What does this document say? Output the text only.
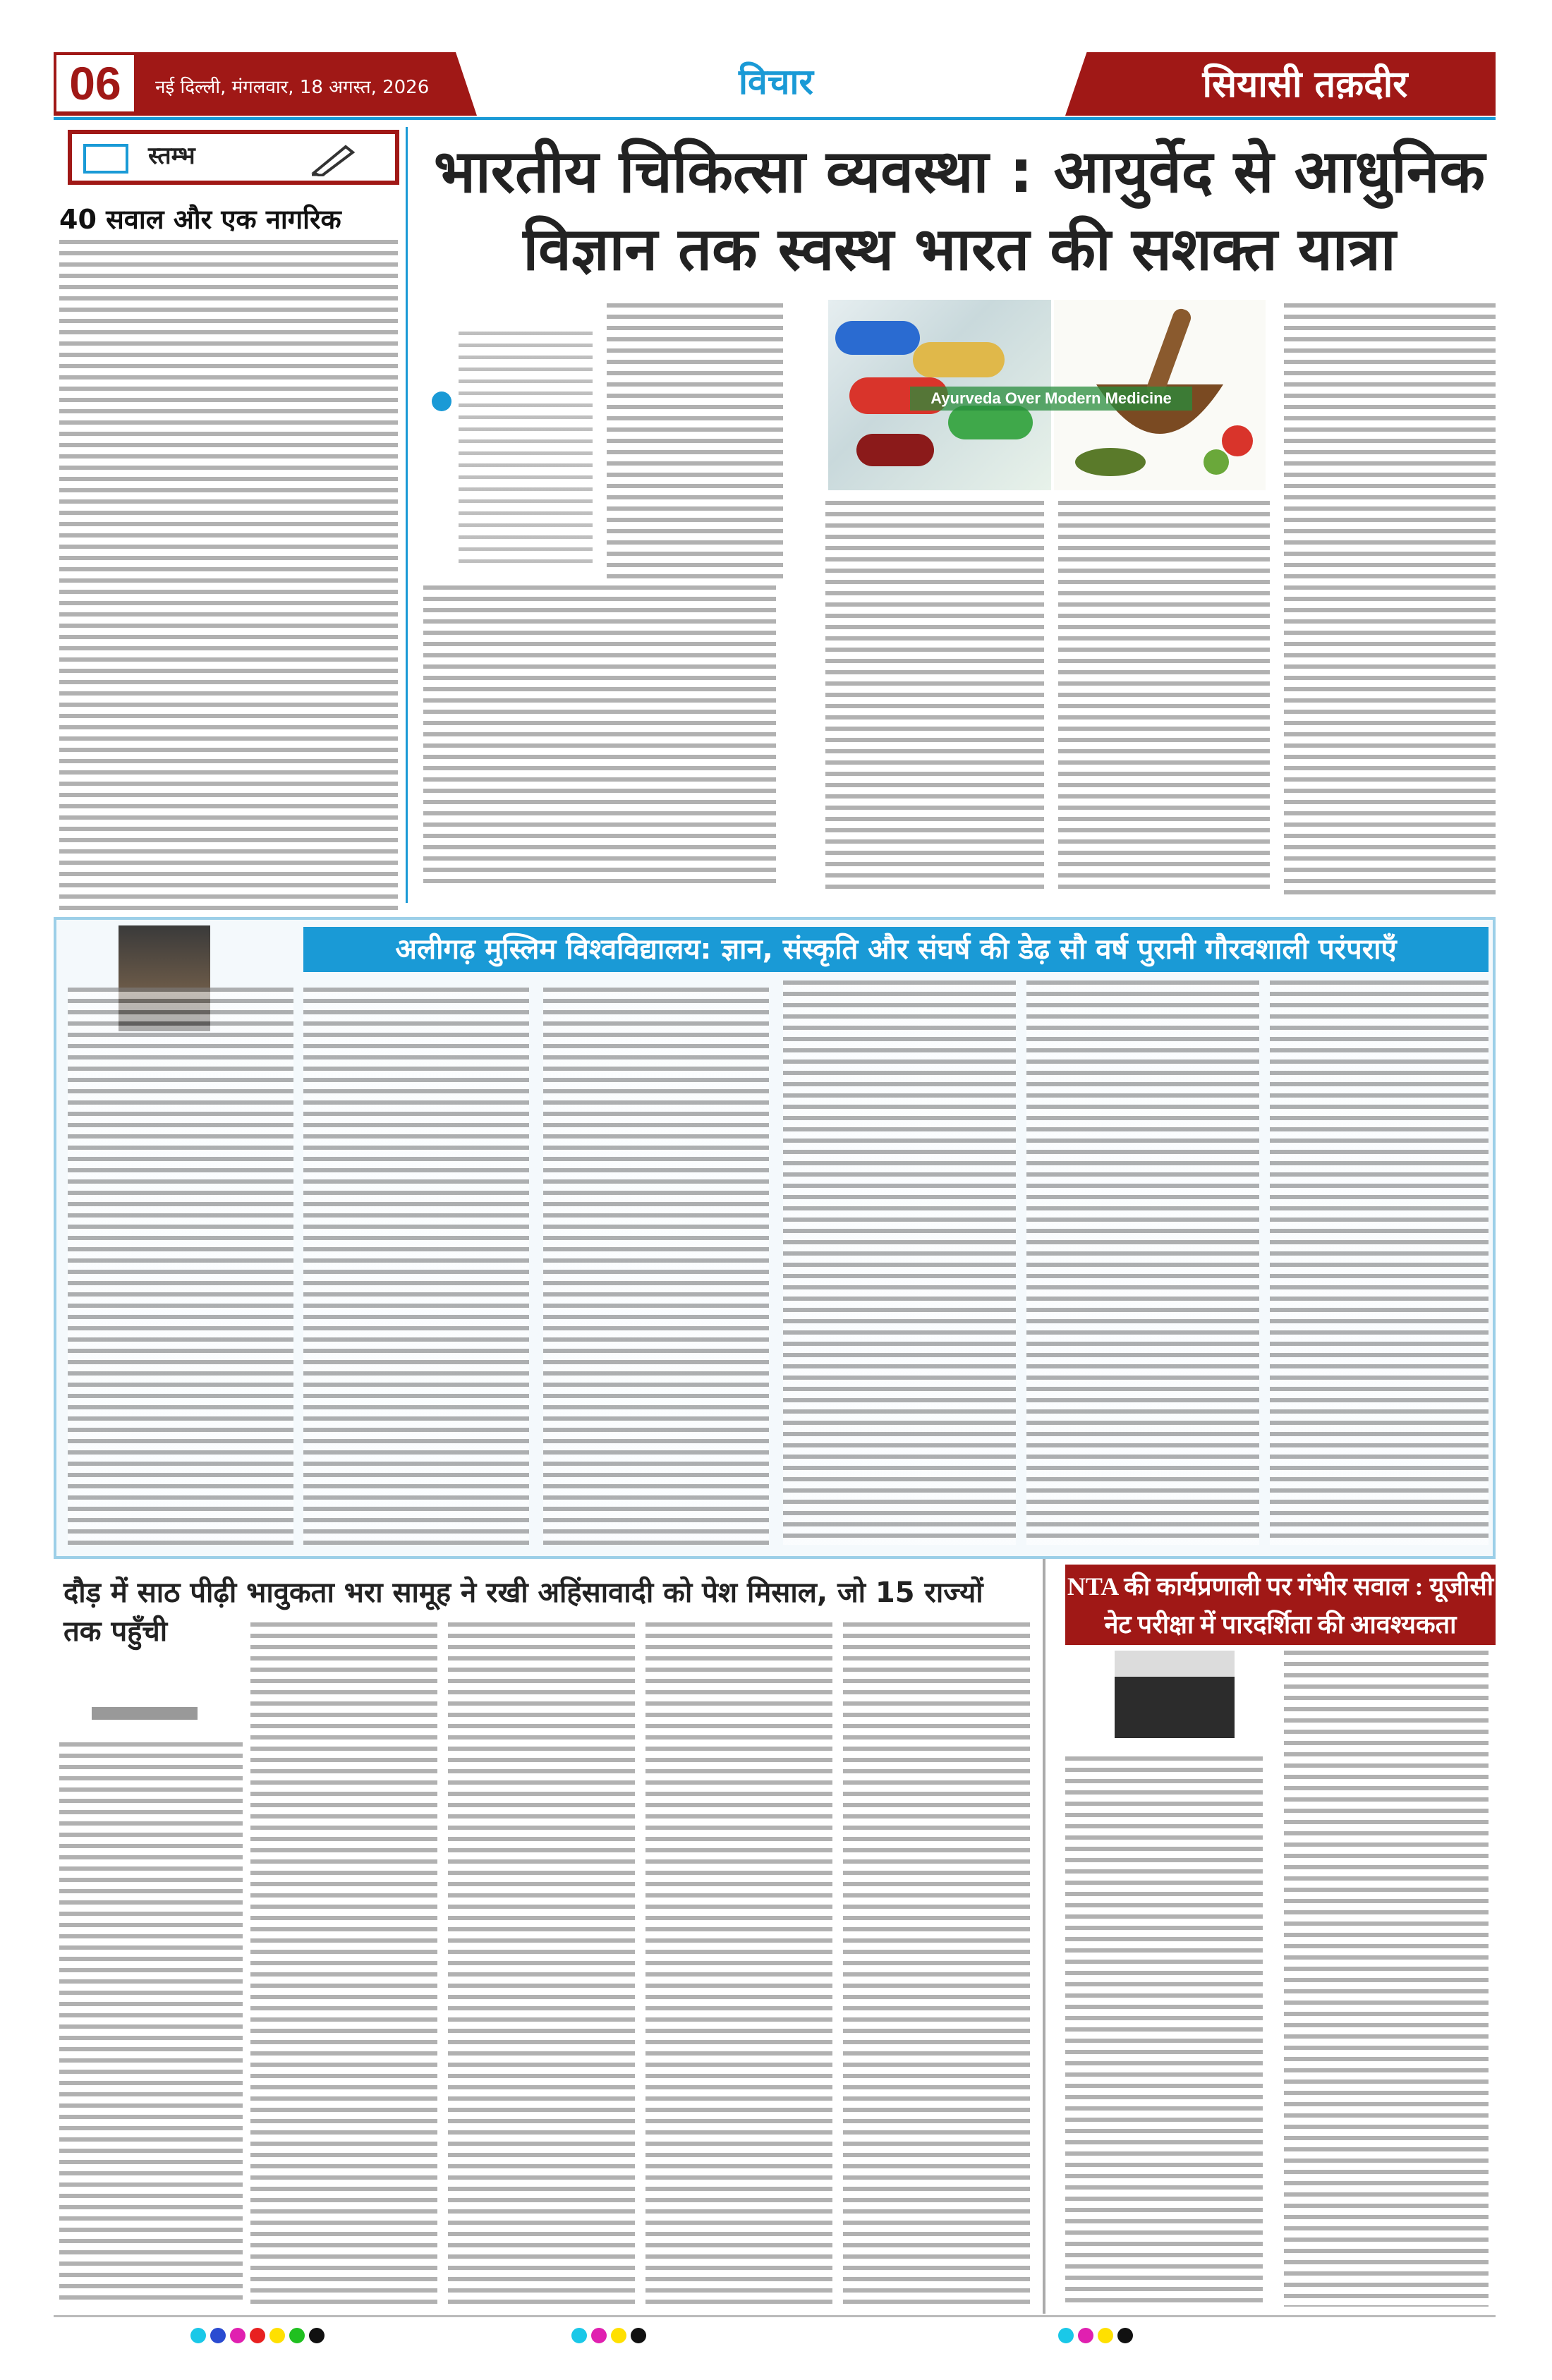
06	नई दिल्ली, मंगलवार, 18 अगस्त, 2026	विचार	सियासी तक़दीर
स्तम्भ
40 सवाल और एक नागरिक
भारतीय चिकित्सा व्यवस्था : आयुर्वेद से आधुनिक
विज्ञान तक स्वस्थ भारत की सशक्त यात्रा
Ayurveda Over Modern Medicine
अलीगढ़ मुस्लिम विश्वविद्यालय: ज्ञान, संस्कृति और संघर्ष की डेढ़ सौ वर्ष पुरानी गौरवशाली परंपराएँ
दौड़ में साठ पीढ़ी भावुकता भरा सामूह ने रखी अहिंसावादी को पेश मिसाल, जो 15 राज्यों तक पहुँची
NTA की कार्यप्रणाली पर गंभीर सवाल : यूजीसी
नेट परीक्षा में पारदर्शिता की आवश्यकता
